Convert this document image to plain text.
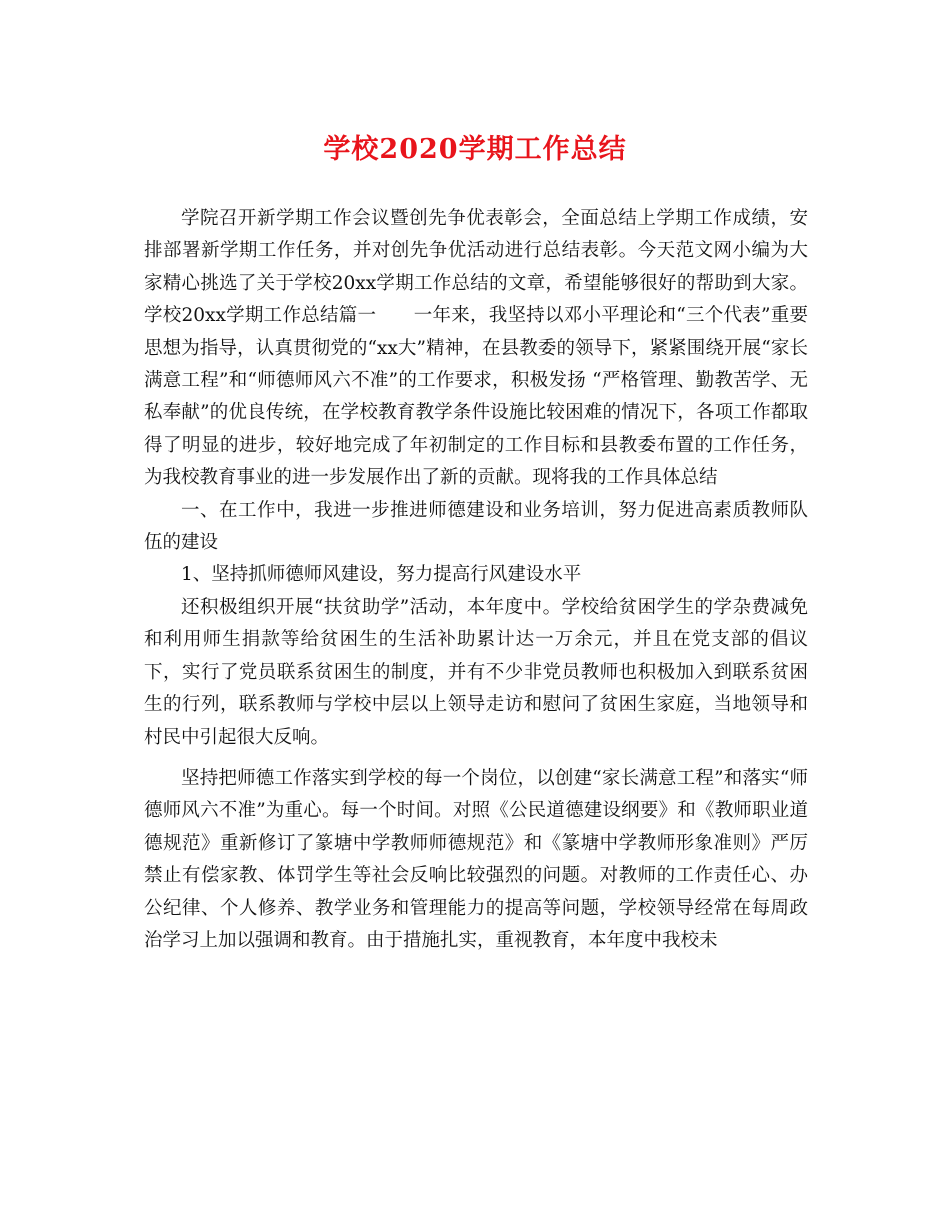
学校2020学期工作总结

学院召开新学期工作会议暨创先争优表彰会，全面总结上学期工作成绩，安排部署新学期工作任务，并对创先争优活动进行总结表彰。今天范文网小编为大家精心挑选了关于学校20xx学期工作总结的文章，希望能够很好的帮助到大家。学校20xx学期工作总结篇一　　一年来，我坚持以邓小平理论和“三个代表”重要思想为指导，认真贯彻党的“xx大”精神，在县教委的领导下，紧紧围绕开展“家长满意工程”和“师德师风六不准”的工作要求，积极发扬 “严格管理、勤教苦学、无私奉献”的优良传统，在学校教育教学条件设施比较困难的情况下，各项工作都取得了明显的进步，较好地完成了年初制定的工作目标和县教委布置的工作任务，为我校教育事业的进一步发展作出了新的贡献。现将我的工作具体总结

一、在工作中，我进一步推进师德建设和业务培训，努力促进高素质教师队伍的建设

1、坚持抓师德师风建设，努力提高行风建设水平

还积极组织开展“扶贫助学”活动，本年度中。学校给贫困学生的学杂费减免和利用师生捐款等给贫困生的生活补助累计达一万余元，并且在党支部的倡议下，实行了党员联系贫困生的制度，并有不少非党员教师也积极加入到联系贫困生的行列，联系教师与学校中层以上领导走访和慰问了贫困生家庭，当地领导和村民中引起很大反响。

坚持把师德工作落实到学校的每一个岗位，以创建“家长满意工程”和落实“师德师风六不准”为重心。每一个时间。对照《公民道德建设纲要》和《教师职业道德规范》重新修订了篆塘中学教师师德规范》和《篆塘中学教师形象准则》严厉禁止有偿家教、体罚学生等社会反响比较强烈的问题。对教师的工作责任心、办公纪律、个人修养、教学业务和管理能力的提高等问题，学校领导经常在每周政治学习上加以强调和教育。由于措施扎实，重视教育，本年度中我校未
